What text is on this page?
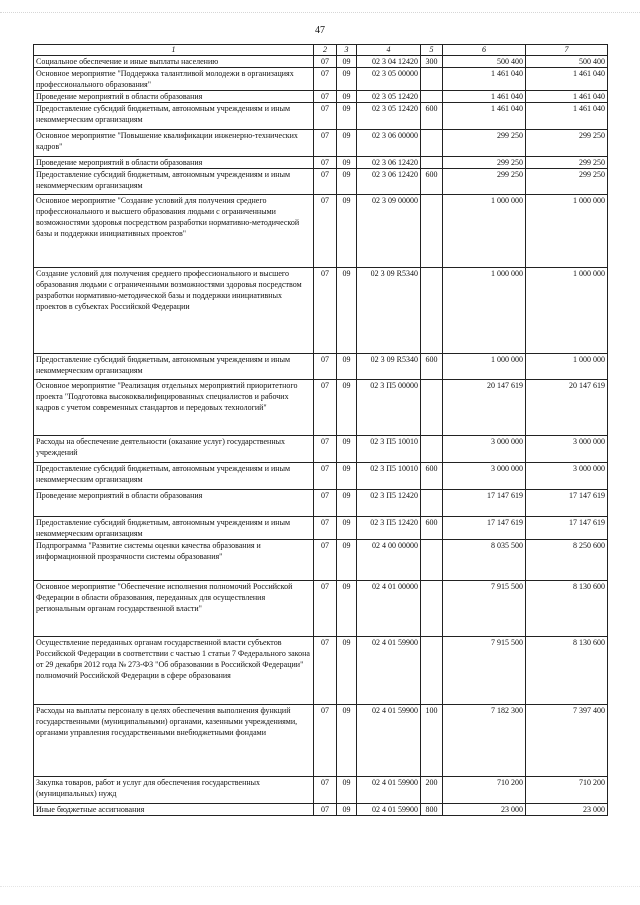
47
1	2	3	4	5	6	7
Социальное обеспечение и иные выплаты населению	07	09	02 3 04 12420	300	500 400	500 400
Основное мероприятие "Поддержка талантливой молодежи в организациях профессионального образования"	07	09	02 3 05 00000		1 461 040	1 461 040
Проведение мероприятий в области образования	07	09	02 3 05 12420		1 461 040	1 461 040
Предоставление субсидий бюджетным, автономным учреждениям и иным некоммерческим организациям	07	09	02 3 05 12420	600	1 461 040	1 461 040
Основное мероприятие "Повышение квалификации инженерно-технических кадров"	07	09	02 3 06 00000		299 250	299 250
Проведение мероприятий в области образования	07	09	02 3 06 12420		299 250	299 250
Предоставление субсидий бюджетным, автономным учреждениям и иным некоммерческим организациям	07	09	02 3 06 12420	600	299 250	299 250
Основное мероприятие "Создание условий для получения среднего профессионального и высшего образования людьми с ограниченными возможностями здоровья посредством разработки нормативно-методической базы и поддержки инициативных проектов"	07	09	02 3 09 00000		1 000 000	1 000 000
Создание условий для получения среднего профессионального и высшего образования людьми с ограниченными возможностями здоровья посредством разработки нормативно-методической базы и поддержки инициативных проектов в субъектах Российской Федерации	07	09	02 3 09 R5340		1 000 000	1 000 000
Предоставление субсидий бюджетным, автономным учреждениям и иным некоммерческим организациям	07	09	02 3 09 R5340	600	1 000 000	1 000 000
Основное мероприятие "Реализация отдельных мероприятий приоритетного проекта "Подготовка высококвалифицированных специалистов и рабочих кадров с учетом современных стандартов и передовых технологий"	07	09	02 3 П5 00000		20 147 619	20 147 619
Расходы на обеспечение деятельности (оказание услуг) государственных учреждений	07	09	02 3 П5 10010		3 000 000	3 000 000
Предоставление субсидий бюджетным, автономным учреждениям и иным некоммерческим организациям	07	09	02 3 П5 10010	600	3 000 000	3 000 000
Проведение мероприятий в области образования	07	09	02 3 П5 12420		17 147 619	17 147 619
Предоставление субсидий бюджетным, автономным учреждениям и иным некоммерческим организациям	07	09	02 3 П5 12420	600	17 147 619	17 147 619
Подпрограмма "Развитие системы оценки качества образования и информационной прозрачности системы образования"	07	09	02 4 00 00000		8 035 500	8 250 600
Основное мероприятие "Обеспечение исполнения полномочий Российской Федерации в области образования, переданных для осуществления региональным органам государственной власти"	07	09	02 4 01 00000		7 915 500	8 130 600
Осуществление переданных органам государственной власти субъектов Российской Федерации в соответствии с частью 1 статьи 7 Федерального закона от 29 декабря 2012 года № 273-ФЗ "Об образовании в Российской Федерации" полномочий Российской Федерации в сфере образования	07	09	02 4 01 59900		7 915 500	8 130 600
Расходы на выплаты персоналу в целях обеспечения выполнения функций государственными (муниципальными) органами, казенными учреждениями, органами управления государственными внебюджетными фондами	07	09	02 4 01 59900	100	7 182 300	7 397 400
Закупка товаров, работ и услуг для обеспечения государственных (муниципальных) нужд	07	09	02 4 01 59900	200	710 200	710 200
Иные бюджетные ассигнования	07	09	02 4 01 59900	800	23 000	23 000
